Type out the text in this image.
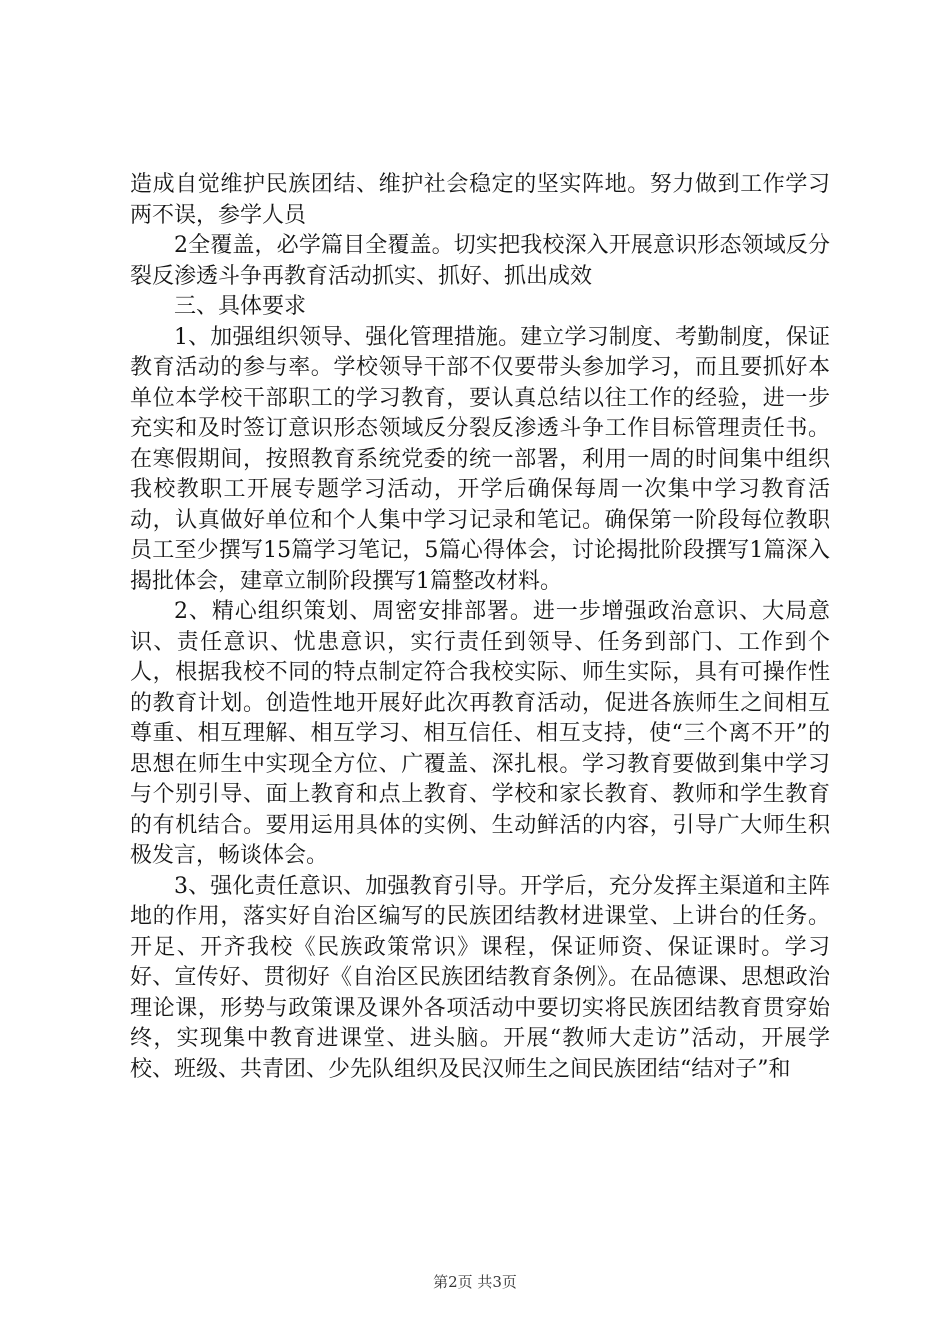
造成自觉维护民族团结、维护社会稳定的坚实阵地。努力做到工作学习两不误，参学人员

2全覆盖，必学篇目全覆盖。切实把我校深入开展意识形态领域反分裂反渗透斗争再教育活动抓实、抓好、抓出成效

三、具体要求

1、加强组织领导、强化管理措施。建立学习制度、考勤制度，保证教育活动的参与率。学校领导干部不仅要带头参加学习，而且要抓好本单位本学校干部职工的学习教育，要认真总结以往工作的经验，进一步充实和及时签订意识形态领域反分裂反渗透斗争工作目标管理责任书。在寒假期间，按照教育系统党委的统一部署，利用一周的时间集中组织我校教职工开展专题学习活动，开学后确保每周一次集中学习教育活动，认真做好单位和个人集中学习记录和笔记。确保第一阶段每位教职员工至少撰写15篇学习笔记，5篇心得体会，讨论揭批阶段撰写1篇深入揭批体会，建章立制阶段撰写1篇整改材料。

2、精心组织策划、周密安排部署。进一步增强政治意识、大局意识、责任意识、忧患意识，实行责任到领导、任务到部门、工作到个人，根据我校不同的特点制定符合我校实际、师生实际，具有可操作性的教育计划。创造性地开展好此次再教育活动，促进各族师生之间相互尊重、相互理解、相互学习、相互信任、相互支持，使“三个离不开”的思想在师生中实现全方位、广覆盖、深扎根。学习教育要做到集中学习与个别引导、面上教育和点上教育、学校和家长教育、教师和学生教育的有机结合。要用运用具体的实例、生动鲜活的内容，引导广大师生积极发言，畅谈体会。

3、强化责任意识、加强教育引导。开学后，充分发挥主渠道和主阵地的作用，落实好自治区编写的民族团结教材进课堂、上讲台的任务。开足、开齐我校《民族政策常识》课程，保证师资、保证课时。学习好、宣传好、贯彻好《自治区民族团结教育条例》。在品德课、思想政治理论课，形势与政策课及课外各项活动中要切实将民族团结教育贯穿始终，实现集中教育进课堂、进头脑。开展“教师大走访”活动，开展学校、班级、共青团、少先队组织及民汉师生之间民族团结“结对子”和

第2页 共3页
